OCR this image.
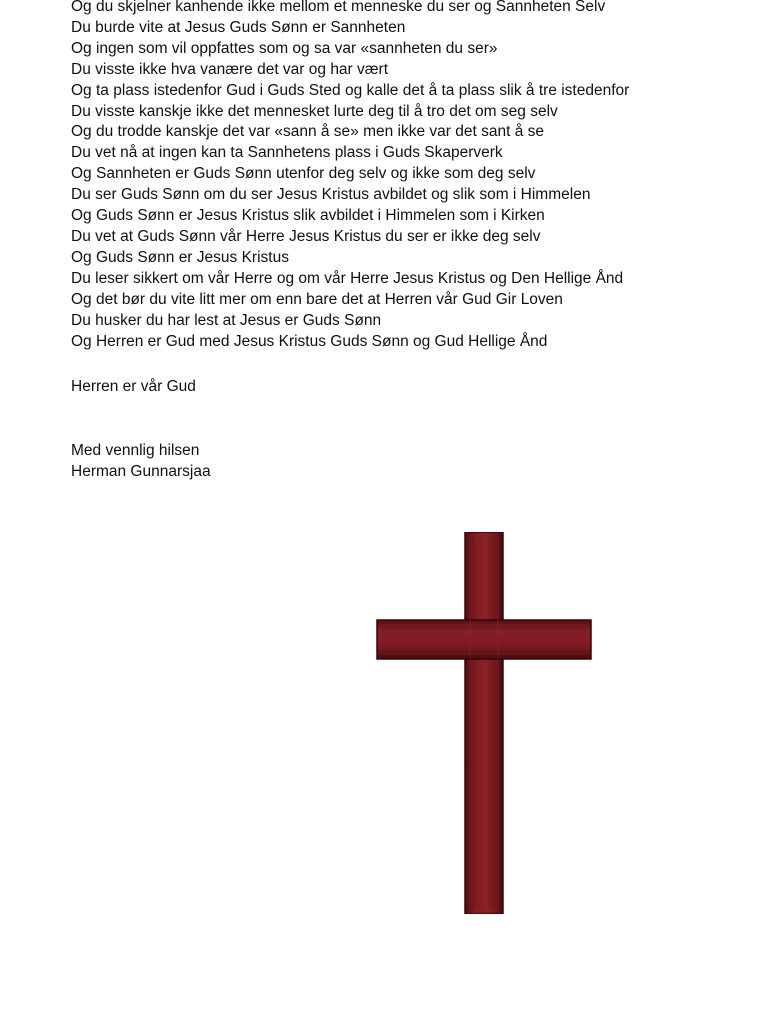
Og du skjelner kanhende ikke mellom et menneske du ser og Sannheten Selv
Du burde vite at Jesus Guds Sønn er Sannheten
Og ingen som vil oppfattes som og sa var «sannheten du ser»
Du visste ikke hva vanære det var og har vært
Og ta plass istedenfor Gud i Guds Sted og kalle det å ta plass slik å tre istedenfor
Du visste kanskje ikke det mennesket lurte deg til å tro det om seg selv
Og du trodde kanskje det var «sann å se» men ikke var det sant å se
Du vet nå at ingen kan ta Sannhetens plass i Guds Skaperverk
Og Sannheten er Guds Sønn utenfor deg selv og ikke som deg selv
Du ser Guds Sønn om du ser Jesus Kristus avbildet og slik som i Himmelen
Og Guds Sønn er Jesus Kristus slik avbildet i Himmelen som i Kirken
Du vet at Guds Sønn vår Herre Jesus Kristus du ser er ikke deg selv
Og Guds Sønn er Jesus Kristus
Du leser sikkert om vår Herre og om vår Herre Jesus Kristus og Den Hellige Ånd
Og det bør du vite litt mer om enn bare det at Herren vår Gud Gir Loven
Du husker du har lest at Jesus er Guds Sønn
Og Herren er Gud med Jesus Kristus Guds Sønn og Gud Hellige Ånd
Herren er vår Gud
Med vennlig hilsen
Herman Gunnarsjaa
